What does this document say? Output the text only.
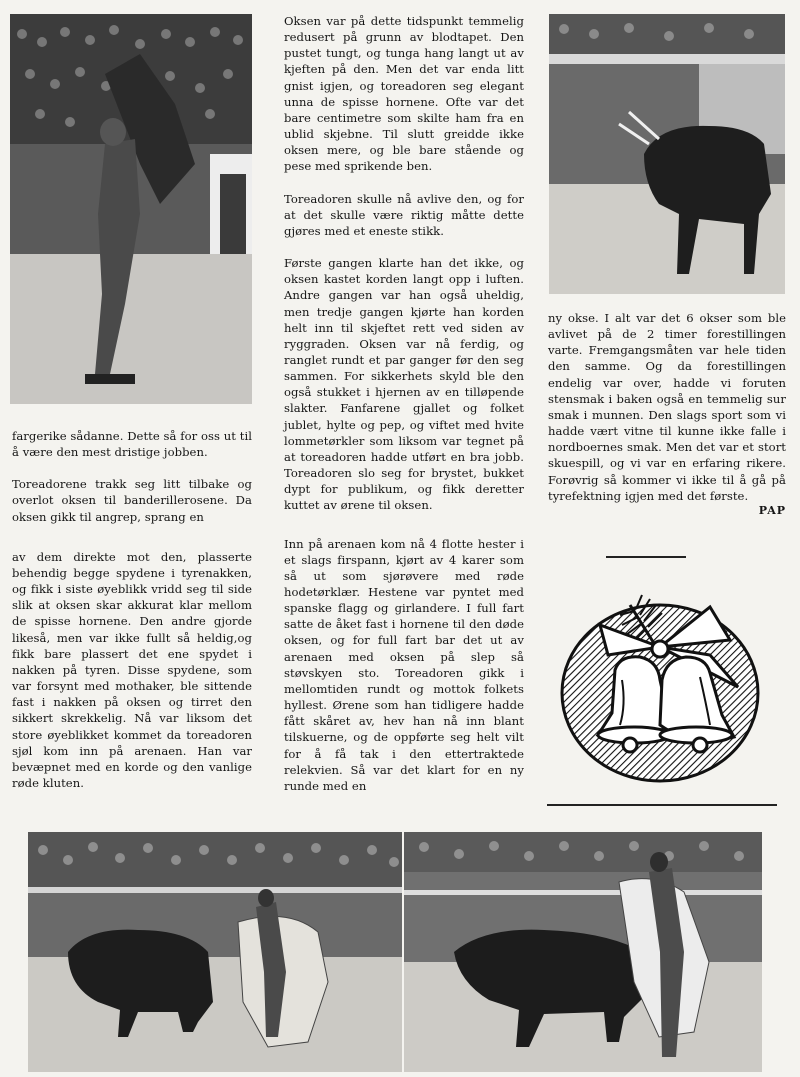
fargerike sådanne. Dette så for oss ut til å være den mest dristige jobben.

Toreadorene trakk seg litt tilbake og overlot oksen til banderillerosene. Da oksen gikk til angrep, sprang en

av dem direkte mot den, plasserte behendig begge spydene i tyrenakken, og fikk i siste øyeblikk vridd seg til side slik at oksen skar akkurat klar mellom de spisse hornene. Den andre gjorde likeså, men var ikke fullt så heldig,og fikk bare plassert det ene spydet i nakken på tyren. Disse spydene, som var forsynt med mothaker, ble sittende fast i nakken på oksen og tirret den sikkert skrekkelig. Nå var liksom det store øyeblikket kommet da toreadoren sjøl kom inn på arenaen. Han var bevæpnet med en korde og den vanlige røde kluten.

Oksen var på dette tidspunkt temmelig redusert på grunn av blodtapet. Den pustet tungt, og tunga hang langt ut av kjeften på den. Men det var enda litt gnist igjen, og toreadoren seg elegant unna de spisse hornene. Ofte var det bare centimetre som skilte ham fra en ublid skjebne. Til slutt greidde ikke oksen mere, og ble bare stående og pese med sprikende ben.

Toreadoren skulle nå avlive den, og for at det skulle være riktig måtte dette gjøres med et eneste stikk.

Første gangen klarte han det ikke, og oksen kastet korden langt opp i luften. Andre gangen var han også uheldig, men tredje gangen kjørte han korden helt inn til skjeftet rett ved siden av ryggraden. Oksen var nå ferdig, og ranglet rundt et par ganger før den seg sammen. For sikkerhets skyld ble den også stukket i hjernen av en tilløpende slakter. Fanfarene gjallet og folket jublet, hylte og pep, og viftet med hvite lommetørkler som liksom var tegnet på at toreadoren hadde utført en bra jobb. Toreadoren slo seg for brystet, bukket dypt for publikum, og fikk deretter kuttet av ørene til oksen.

Inn på arenaen kom nå 4 flotte hester i et slags firspann, kjørt av 4 karer som så ut som sjørøvere med røde hodetørklær. Hestene var pyntet med spanske flagg og girlandere. I full fart satte de åket fast i hornene til den døde oksen, og for full fart bar det ut av arenaen med oksen på slep så støvskyen sto. Toreadoren gikk i mellomtiden rundt og mottok folkets hyllest. Ørene som han tidligere hadde fått skåret av, hev han nå inn blant tilskuerne, og de oppførte seg helt vilt for å få tak i den ettertraktede relekvien. Så var det klart for en ny runde med en

ny okse. I alt var det 6 okser som ble avlivet på de 2 timer forestillingen varte. Fremgangsmåten var hele tiden den samme. Og da forestillingen endelig var over, hadde vi foruten stensmak i baken også en temmelig sur smak i munnen. Den slags sport som vi hadde vært vitne til kunne ikke falle i nordboernes smak. Men det var et stort skuespill, og vi var en erfaring rikere. Forøvrig så kommer vi ikke til å gå på tyrefektning igjen med det første.

PAP
